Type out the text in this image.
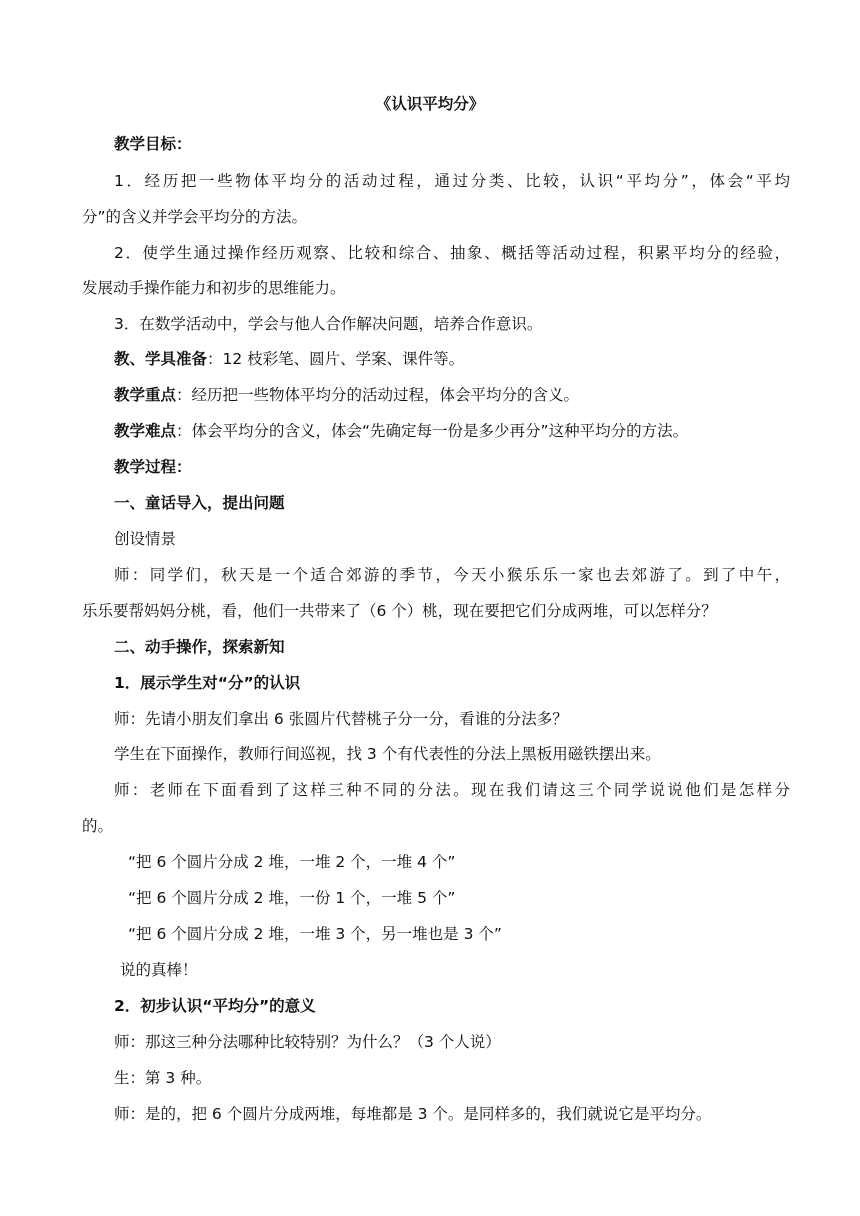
《认识平均分》
教学目标：
1．经历把一些物体平均分的活动过程，通过分类、比较，认识“平均分”，体会“平均
分”的含义并学会平均分的方法。
2．使学生通过操作经历观察、比较和综合、抽象、概括等活动过程，积累平均分的经验，
发展动手操作能力和初步的思维能力。
3．在数学活动中，学会与他人合作解决问题，培养合作意识。
教、学具准备：12 枝彩笔、圆片、学案、课件等。
教学重点：经历把一些物体平均分的活动过程，体会平均分的含义。
教学难点：体会平均分的含义，体会“先确定每一份是多少再分”这种平均分的方法。
教学过程：
一、童话导入，提出问题
创设情景
师：同学们，秋天是一个适合郊游的季节，今天小猴乐乐一家也去郊游了。到了中午，
乐乐要帮妈妈分桃，看，他们一共带来了（6 个）桃，现在要把它们分成两堆，可以怎样分？
二、动手操作，探索新知
1．展示学生对“分”的认识
师：先请小朋友们拿出 6 张圆片代替桃子分一分，看谁的分法多？
学生在下面操作，教师行间巡视，找 3 个有代表性的分法上黑板用磁铁摆出来。
师：老师在下面看到了这样三种不同的分法。现在我们请这三个同学说说他们是怎样分
的。
“把 6 个圆片分成 2 堆，一堆 2 个，一堆 4 个”
“把 6 个圆片分成 2 堆，一份 1 个，一堆 5 个”
“把 6 个圆片分成 2 堆，一堆 3 个，另一堆也是 3 个”
说的真棒！
2．初步认识“平均分”的意义
师：那这三种分法哪种比较特别？为什么？（3 个人说）
生：第 3 种。
师：是的，把 6 个圆片分成两堆，每堆都是 3 个。是同样多的，我们就说它是平均分。
